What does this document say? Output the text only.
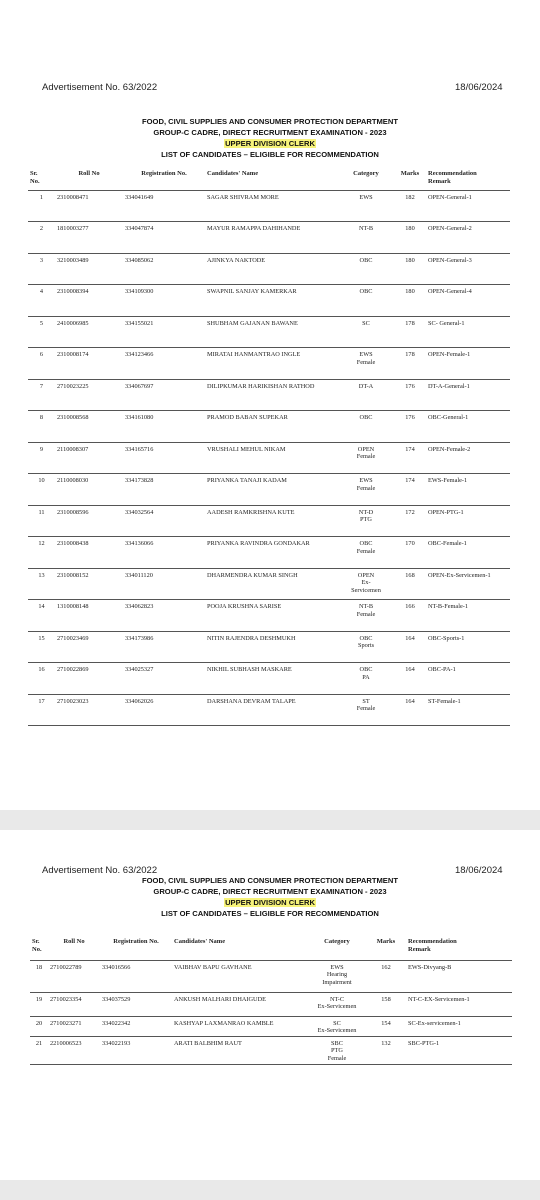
Advertisement No. 63/2022	18/06/2024
FOOD, CIVIL SUPPLIES AND CONSUMER PROTECTION DEPARTMENT
GROUP-C CADRE, DIRECT RECRUITMENT EXAMINATION - 2023
UPPER DIVISION CLERK
LIST OF CANDIDATES – ELIGIBLE FOR RECOMMENDATION
Sr.
No.	Roll No	Registration No.	Candidates' Name	Category	Marks	Recommendation
Remark

1	2310008471	334041649	SAGAR SHIVRAM MORE	EWS	182	OPEN-General-1

2	1810003277	334047874	MAYUR RAMAPPA DAHIHANDE	NT-B	180	OPEN-General-2

3	3210003489	334085062	AJINKYA NAKTODE	OBC	180	OPEN-General-3

4	2310008394	334109300	SWAPNIL SANJAY KAMERKAR	OBC	180	OPEN-General-4

5	2410006985	334155021	SHUBHAM GAJANAN BAWANE	SC	178	SC- General-1

6	2310008174	334123466	MIRATAI HANMANTRAO INGLE	EWS
Female	178	OPEN-Female-1

7	2710023225	334067697	DILIPKUMAR HARIKISHAN RATHOD	DT-A	176	DT-A-General-1

8	2310008568	334161080	PRAMOD BABAN SUPEKAR	OBC	176	OBC-General-1

9	2110008307	334165716	VRUSHALI MEHUL NIKAM	OPEN
Female	174	OPEN-Female-2

10	2110008030	334173828	PRIYANKA TANAJI KADAM	EWS
Female	174	EWS-Female-1

11	2310008596	334032564	AADESH RAMKRISHNA KUTE	NT-D
PTG	172	OPEN-PTG-1

12	2310008438	334136066	PRIYANKA RAVINDRA GONDAKAR	OBC
Female	170	OBC-Female-1

13	2310008152	334011120	DHARMENDRA KUMAR SINGH	OPEN
Ex-
Servicemen	168	OPEN-Ex-Servicemen-1

14	1310008148	334062823	POOJA KRUSHNA SARISE	NT-B
Female	166	NT-B-Female-1

15	2710023469	334173986	NITIN RAJENDRA DESHMUKH	OBC
Sports	164	OBC-Sports-1

16	2710022869	334025327	NIKHIL SUBHASH MASKARE	OBC
PA	164	OBC-PA-1

17	2710023023	334062026	DARSHANA DEVRAM TALAPE	ST
Female	164	ST-Female-1
Advertisement No. 63/2022	18/06/2024
FOOD, CIVIL SUPPLIES AND CONSUMER PROTECTION DEPARTMENT
GROUP-C CADRE, DIRECT RECRUITMENT EXAMINATION - 2023
UPPER DIVISION CLERK
LIST OF CANDIDATES – ELIGIBLE FOR RECOMMENDATION
Sr.
No.	Roll No	Registration No.	Candidates' Name	Category	Marks	Recommendation
Remark

18	2710022789	334016566	VAIBHAV BAPU GAVHANE	EWS
Hearing
Impairment	162	EWS-Divyang-B

19	2710023354	334037529	ANKUSH MALHARI DHAIGUDE	NT-C
Ex-Servicemen	158	NT-C-EX-Servicemen-1

20	2710023271	334022342	KASHYAP LAXMANRAO KAMBLE	SC
Ex-Servicemen	154	SC-Ex-servicemen-1

21	2210006523	334022193	ARATI BALBHIM RAUT	SBC
PTG
Female	132	SBC-PTG-1
